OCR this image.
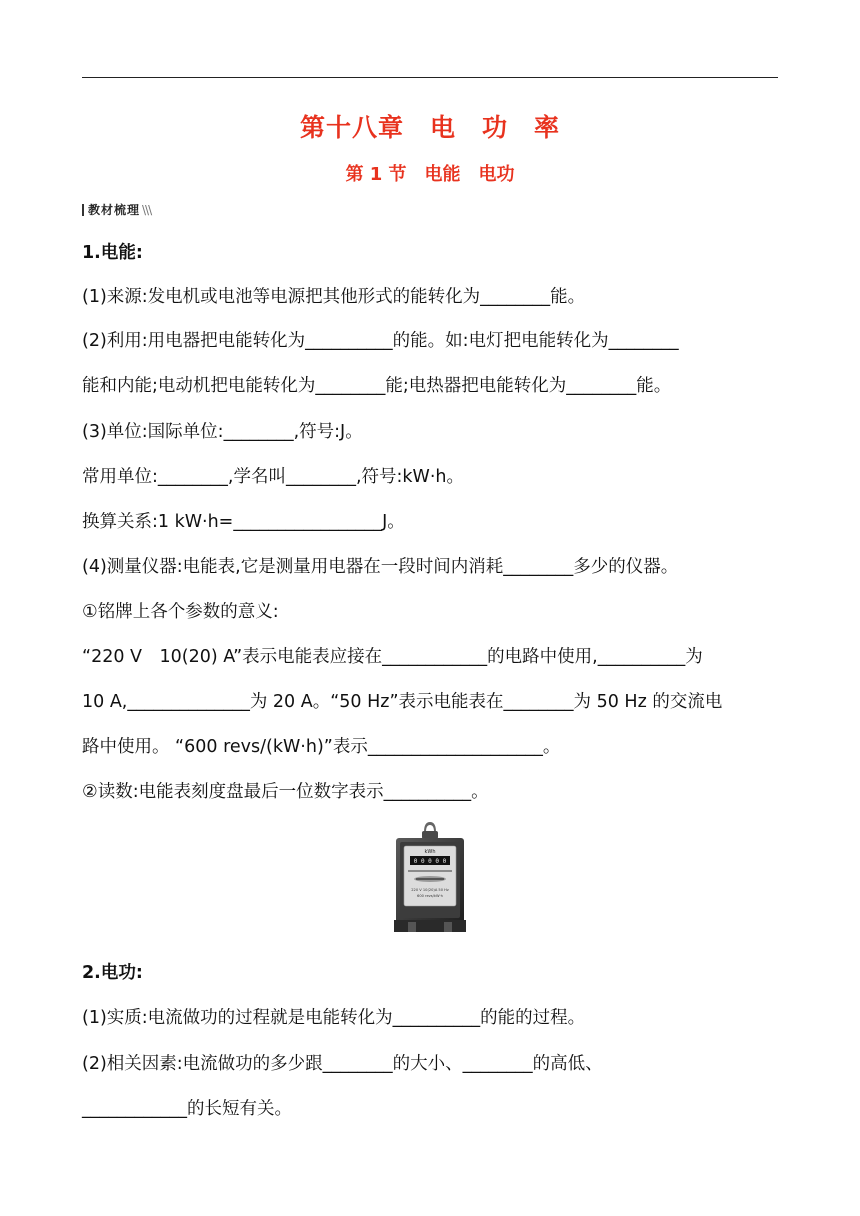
第十八章　电　功　率
第 1 节　电能　电功
教材梳理 \\\
1.电能:
(1)来源:发电机或电池等电源把其他形式的能转化为________能。
(2)利用:用电器把电能转化为__________的能。如:电灯把电能转化为________
能和内能;电动机把电能转化为________能;电热器把电能转化为________能。
(3)单位:国际单位:________,符号:J。
常用单位:________,学名叫________,符号:kW·h。
换算关系:1 kW·h=_________________J。
(4)测量仪器:电能表,它是测量用电器在一段时间内消耗________多少的仪器。
①铭牌上各个参数的意义:
“220 V　10(20) A”表示电能表应接在____________的电路中使用,__________为
10 A,______________为 20 A。“50 Hz”表示电能表在________为 50 Hz 的交流电
路中使用。 “600 revs/(kW·h)”表示____________________。
②读数:电能表刻度盘最后一位数字表示__________。
kWh
0 0 0 0 0
220 V 10(20)A 50 Hz
600 revs/kW·h
2.电功:
(1)实质:电流做功的过程就是电能转化为__________的能的过程。
(2)相关因素:电流做功的多少跟________的大小、________的高低、
____________的长短有关。
